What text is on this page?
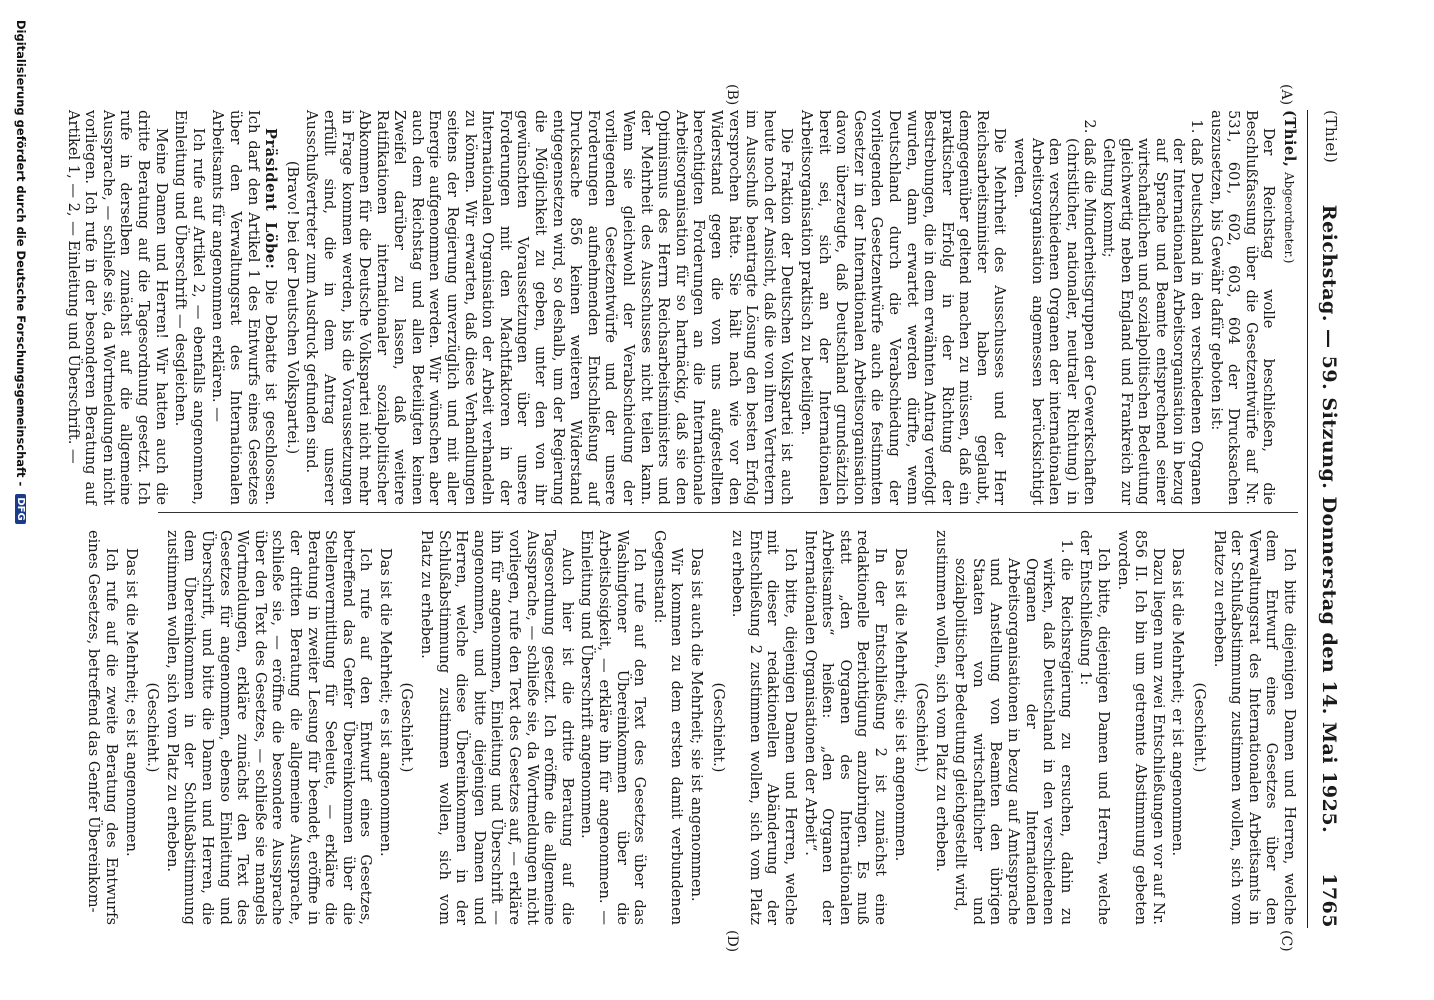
(Thiel)
Reichstag. — 59. Sitzung. Donnerstag den 14. Mai 1925.
1765
(A)
(B)
(C)
(D)

(Thiel, Abgeordneter.)

Der Reichstag wolle beschließen, die Beschlußfassung über die Gesetzentwürfe auf Nr. 531, 601, 602, 603, 604 der Drucksachen auszusetzen, bis Gewähr dafür geboten ist:

1. daß Deutschland in den verschiedenen Organen der Internationalen Arbeitsorganisation in bezug auf Sprache und Beamte entsprechend seiner wirtschaftlichen und sozialpolitischen Bedeutung gleichwertig neben England und Frankreich zur Geltung kommt;
2. daß die Minderheitsgruppen der Gewerkschaften (christlicher, nationaler, neutraler Richtung) in den verschiedenen Organen der internationalen Arbeitsorganisation angemessen berücksichtigt werden.

Die Mehrheit des Ausschusses und der Herr Reichsarbeitsminister haben geglaubt, demgegenüber geltend machen zu müssen, daß ein praktischer Erfolg in der Richtung der Bestrebungen, die in dem erwähnten Antrag verfolgt wurden, dann erwartet werden dürfte, wenn Deutschland durch die Verabschiedung der vorliegenden Gesetzentwürfe auch die festimmten Gesetzer in der Internationalen Arbeitsorganisation davon überzeugte, daß Deutschland grundsätzlich bereit sei, sich an der Internationalen Arbeitsorganisation praktisch zu beteiligen.

Die Fraktion der Deutschen Volkspartei ist auch heute noch der Ansicht, daß die von ihren Vertretern im Ausschuß beantragte Lösung den besten Erfolg versprochen hätte. Sie hält nach wie vor den Widerstand gegen die von uns aufgestellten berechtigten Forderungen an die Internationale Arbeitsorganisation für so hartnäckig, daß sie den Optimismus des Herrn Reichsarbeitsministers und der Mehrheit des Ausschusses nicht teilen kann. Wenn sie gleichwohl der Verabschiedung der vorliegenden Gesetzentwürfe und der unsere Forderungen aufnehmenden Entschließung auf Drucksache 856 keinen weiteren Widerstand entgegensetzen wird, so deshalb, um der Regierung die Möglichkeit zu geben, unter den von ihr gewünschten Voraussetzungen über unsere Forderungen mit den Machtfaktoren in der Internationalen Organisation der Arbeit verhandeln zu können. Wir erwarten, daß diese Verhandlungen seitens der Regierung unverzüglich und mit aller Energie aufgenommen werden. Wir wünschen aber auch dem Reichstag und allen Beteiligten keinen Zweifel darüber zu lassen, daß weitere Ratifikationen internationaler sozialpolitischer Abkommen für die Deutsche Volkspartei nicht mehr in Frage kommen werden, bis die Voraussetzungen erfüllt sind, die in dem Antrag unserer Ausschußvertreter zum Ausdruck gefunden sind.

(Bravo! bei der Deutschen Volkspartei.)

Präsident Löbe: Die Debatte ist geschlossen. Ich darf den Artikel 1 des Entwurfs eines Gesetzes über den Verwaltungsrat des Internationalen Arbeitsamts für angenommen erklären. —

Ich rufe auf Artikel 2, — ebenfalls angenommen, Einleitung und Überschrift — desgleichen.

Meine Damen und Herren! Wir hatten auch die dritte Beratung auf die Tagesordnung gesetzt. Ich rufe in derselben zunächst auf die allgemeine Aussprache, — schließe sie, da Wortmeldungen nicht vorliegen. Ich rufe in der besonderen Beratung auf Artikel 1, — 2, — Einleitung und Überschrift. —

Ich bitte diejenigen Damen und Herren, welche dem Entwurf eines Gesetzes über den Verwaltungsrat des Internationalen Arbeitsamts in der Schlußabstimmung zustimmen wollen, sich vom Platze zu erheben.

(Geschieht.)

Das ist die Mehrheit; er ist angenommen.

Dazu liegen nun zwei Entschließungen vor auf Nr. 856 II. Ich bin um getrennte Abstimmung gebeten worden.

Ich bitte, diejenigen Damen und Herren, welche der Entschließung 1:

1. die Reichsregierung zu ersuchen, dahin zu wirken, daß Deutschland in den verschiedenen Organen der Internationalen Arbeitsorganisationen in bezug auf Amtssprache und Anstellung von Beamten den übrigen Staaten von wirtschaftlicher und sozialpolitischer Bedeutung gleichgestellt wird,

zustimmen wollen, sich vom Platz zu erheben.

(Geschieht.)

Das ist die Mehrheit; sie ist angenommen.

In der Entschließung 2 ist zunächst eine redaktionelle Berichtigung anzubringen. Es muß statt „den Organen des Internationalen Arbeitsamtes“ heißen: „den Organen der Internationalen Organisationen der Arbeit“.

Ich bitte, diejenigen Damen und Herren, welche mit dieser redaktionellen Abänderung der Entschließung 2 zustimmen wollen, sich vom Platz zu erheben.

(Geschieht.)

Das ist auch die Mehrheit; sie ist angenommen.

Wir kommen zu dem ersten damit verbundenen Gegenstand:

Ich rufe auf den Text des Gesetzes über das Washingtoner Übereinkommen über die Arbeitslosigkeit, — erkläre ihn für angenommen. — Einleitung und Überschrift angenommen.

Auch hier ist die dritte Beratung auf die Tagesordnung gesetzt. Ich eröffne die allgemeine Aussprache, — schließe sie, da Wortmeldungen nicht vorliegen, rufe den Text des Gesetzes auf, — erkläre ihn für angenommen, Einleitung und Überschrift — angenommen, und bitte diejenigen Damen und Herren, welche diese Übereinkommen in der Schlußabstimmung zustimmen wollen, sich vom Platz zu erheben.

(Geschieht.)

Das ist die Mehrheit; es ist angenommen.

Ich rufe auf den Entwurf eines Gesetzes, betreffend das Genfer Übereinkommen über die Stellenvermittlung für Seeleute, — erkläre die Beratung in zweiter Lesung für beendet, eröffne in der dritten Beratung die allgemeine Aussprache, schließe sie, — eröffne die besondere Aussprache über den Text des Gesetzes, — schließe sie mangels Wortmeldungen, erkläre zunächst den Text des Gesetzes für angenommen, ebenso Einleitung und Überschrift, und bitte die Damen und Herren, die dem Übereinkommen in der Schlußabstimmung zustimmen wollen, sich vom Platz zu erheben.

(Geschieht.)

Das ist die Mehrheit; es ist angenommen.

Ich rufe auf die zweite Beratung des Entwurfs eines Gesetzes, betreffend das Genfer Übereinkom-

Digitalisierung gefördert durch die Deutsche Forschungsgemeinschaft - DFG
